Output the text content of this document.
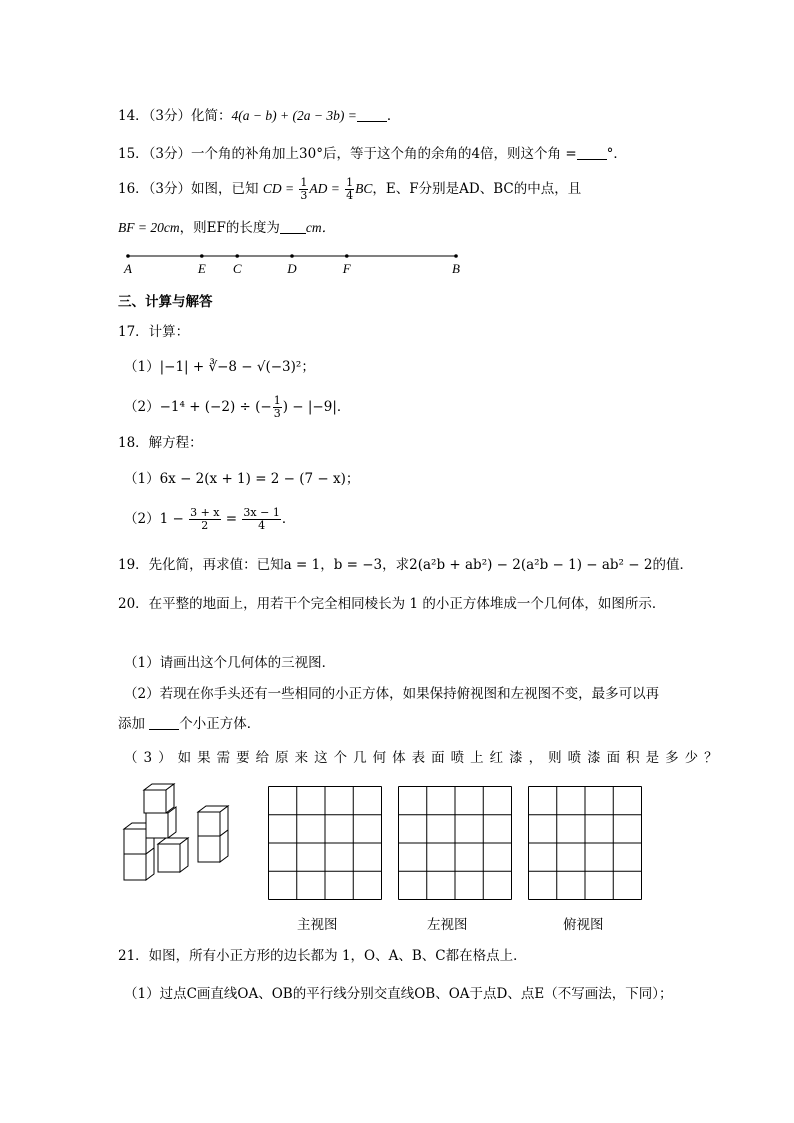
14．（3分）化简：4(a − b) + (2a − 3b) = ．
15．（3分）一个角的补角加上30°后，等于这个角的余角的4倍，则这个角 = °．
16．（3分）如图，已知 CD = $\frac{1}{3}$ AD = $\frac{1}{4}$ BC，E、F分别是AD、BC的中点，且
BF = 20cm，则EF的长度为 cm．
A	E C	D	F	B
三、计算与解答
17．计算：
（1）|−1| + ∛−8 − √(−3)²；
（2）−1⁴ + (−2) ÷ (− $\frac{1}{3}$ ) − |−9|．
18．解方程：
（1）6x − 2(x + 1) = 2 − (7 − x)；
$(2)1 - \frac{3 + x}{2} = \frac{3x - 1}{4}$ ．
19．先化简，再求值：已知a = 1，b = −3，求2(a²b + ab²) − 2(a²b − 1) − ab² − 2的值．
20．在平整的地面上，用若干个完全相同棱长为 1 的小正方体堆成一个几何体，如图所示．
（1）请画出这个几何体的三视图．
（2）若现在你手头还有一些相同的小正方体，如果保持俯视图和左视图不变，最多可以再
添加	个小正方体．
（3）如果需要给原来这个几何体表面喷上红漆，则喷漆面积是多少？
主视图	左视图	俯视图
21．如图，所有小正方形的边长都为 1，O、A、B、C都在格点上．
（1）过点C画直线OA、OB的平行线分别交直线OB、OA于点D、点E（不写画法，下同）；
